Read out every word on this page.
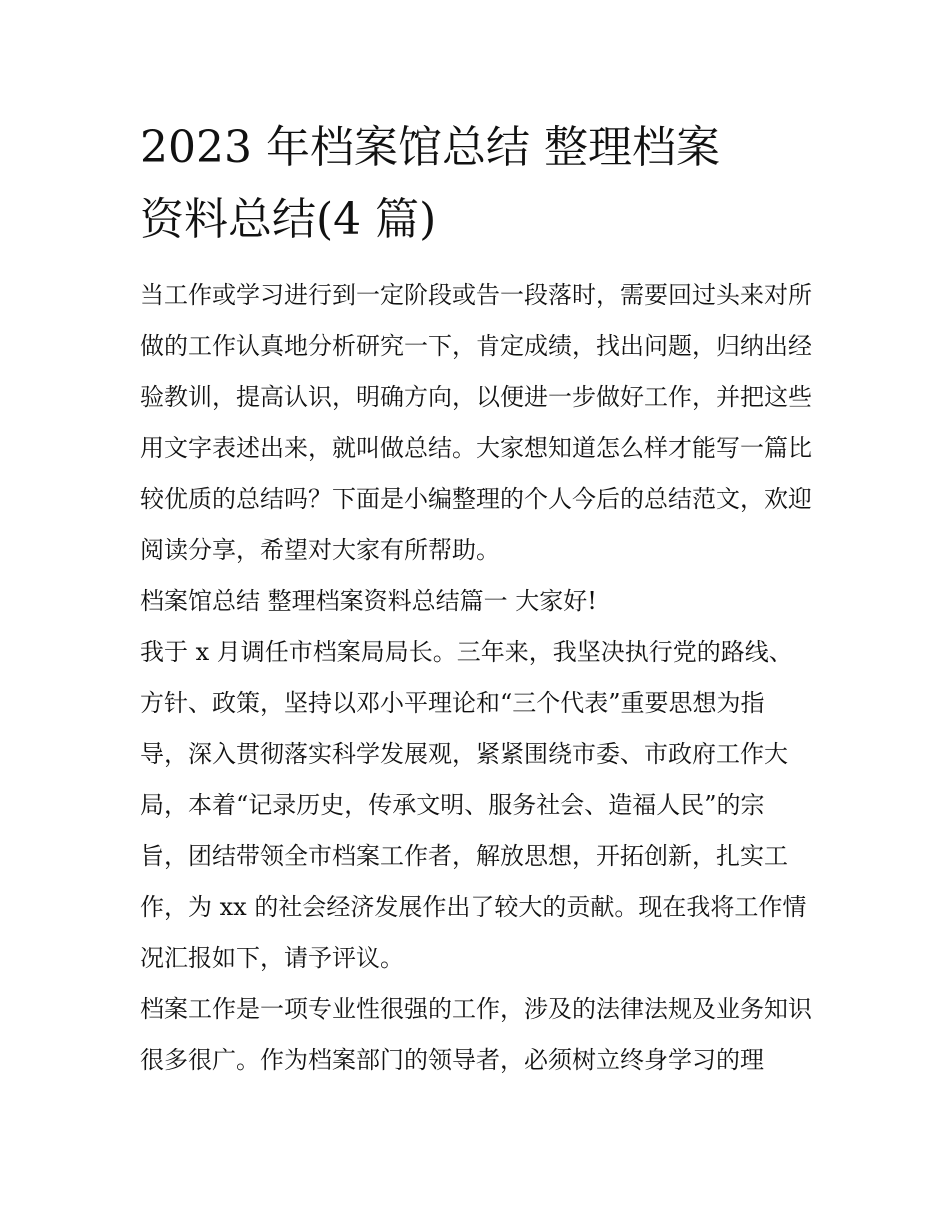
2023 年档案馆总结 整理档案
资料总结(4 篇)

当工作或学习进行到一定阶段或告一段落时，需要回过头来对所做的工作认真地分析研究一下，肯定成绩，找出问题，归纳出经验教训，提高认识，明确方向，以便进一步做好工作，并把这些用文字表述出来，就叫做总结。大家想知道怎么样才能写一篇比较优质的总结吗？下面是小编整理的个人今后的总结范文，欢迎阅读分享，希望对大家有所帮助。

档案馆总结 整理档案资料总结篇一 大家好!

我于 x 月调任市档案局局长。三年来，我坚决执行党的路线、方针、政策，坚持以邓小平理论和“三个代表”重要思想为指导，深入贯彻落实科学发展观，紧紧围绕市委、市政府工作大局，本着“记录历史，传承文明、服务社会、造福人民”的宗旨，团结带领全市档案工作者，解放思想，开拓创新，扎实工作，为 xx 的社会经济发展作出了较大的贡献。现在我将工作情况汇报如下，请予评议。

档案工作是一项专业性很强的工作，涉及的法律法规及业务知识很多很广。作为档案部门的领导者，必须树立终身学习的理
